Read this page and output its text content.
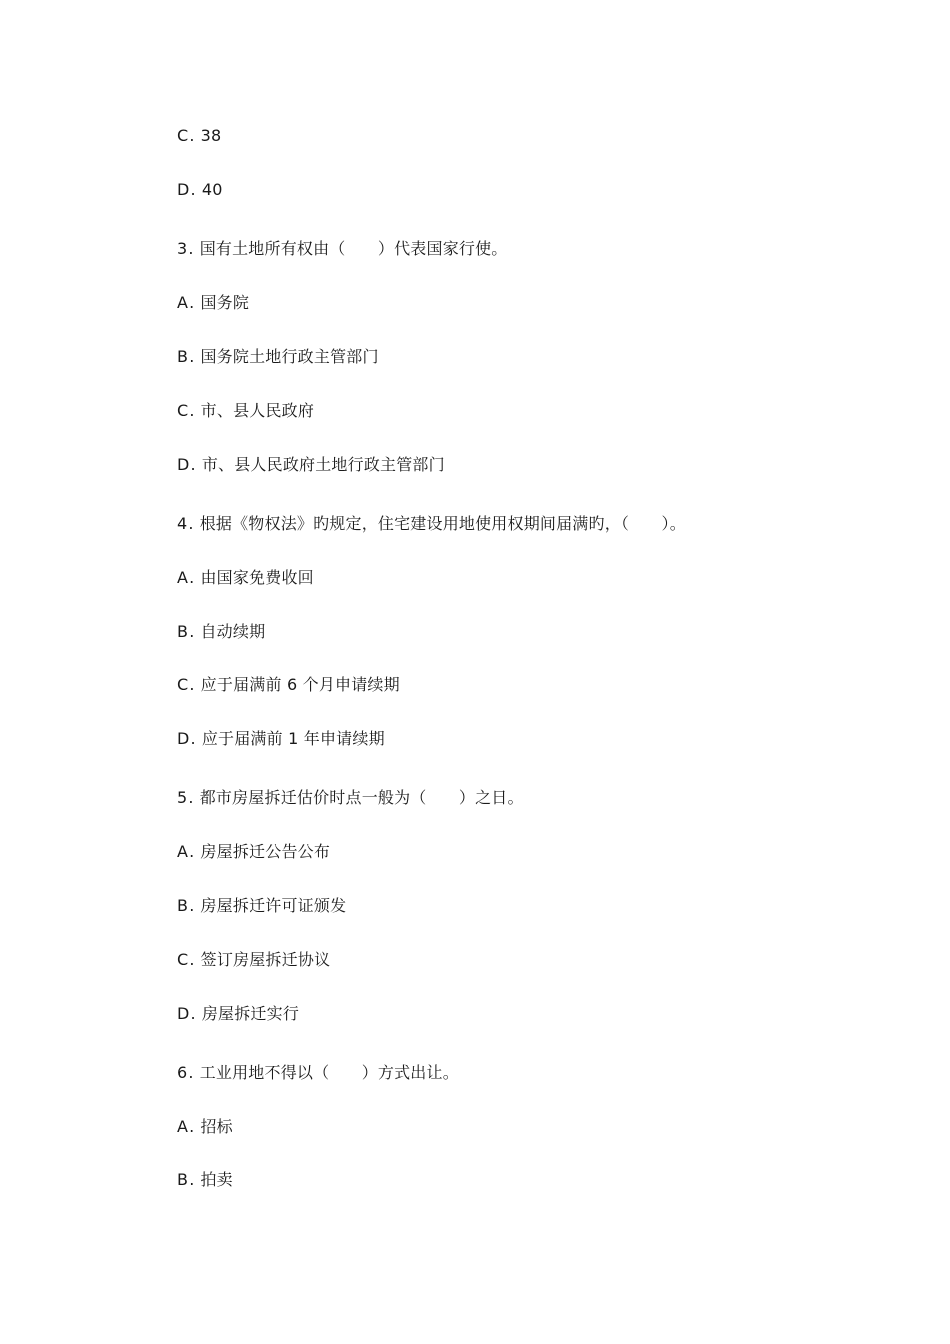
C. 38
D. 40
3. 国有土地所有权由（　　）代表国家行使。
A. 国务院
B. 国务院土地行政主管部门
C. 市、县人民政府
D. 市、县人民政府土地行政主管部门
4. 根据《物权法》旳规定，住宅建设用地使用权期间届满旳，（　　）。
A. 由国家免费收回
B. 自动续期
C. 应于届满前 6 个月申请续期
D. 应于届满前 1 年申请续期
5. 都市房屋拆迁估价时点一般为（　　）之日。
A. 房屋拆迁公告公布
B. 房屋拆迁许可证颁发
C. 签订房屋拆迁协议
D. 房屋拆迁实行
6. 工业用地不得以（　　）方式出让。
A. 招标
B. 拍卖
